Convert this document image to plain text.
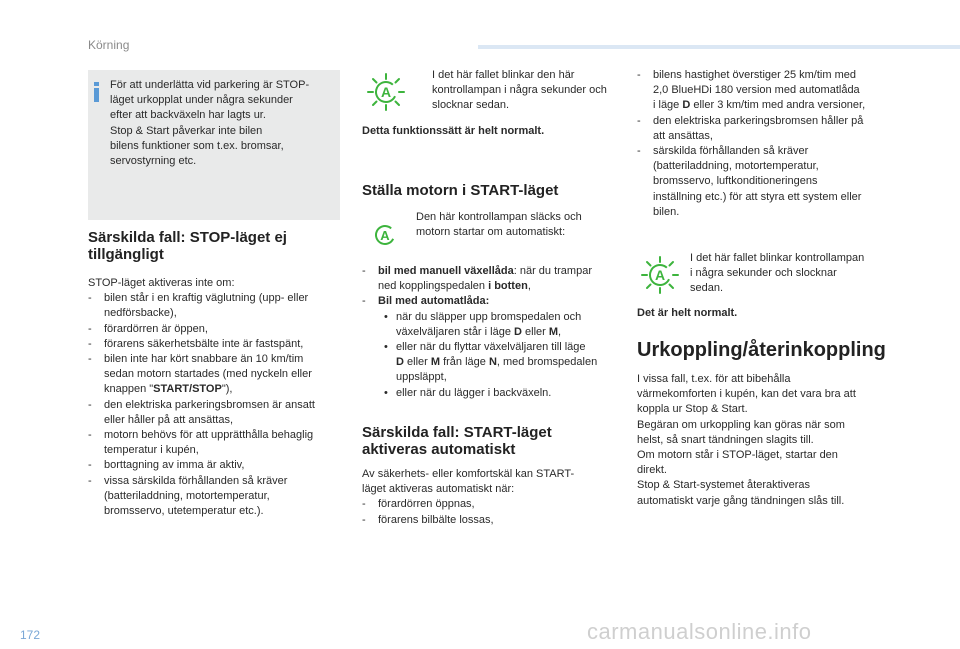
Körning
172	carmanualsonline.info
För att underlätta vid parkering är STOP-
läget urkopplat under några sekunder
efter att backväxeln har lagts ur.
Stop & Start påverkar inte bilen
bilens funktioner som t.ex. bromsar,
servostyrning etc.
Särskilda fall: STOP-läget ej
tillgängligt
STOP-läget aktiveras inte om:
- bilen står i en kraftig väglutning (upp- eller
nedförsbacke),
- förardörren är öppen,
- förarens säkerhetsbälte inte är fastspänt,
- bilen inte har kört snabbare än 10 km/tim
sedan motorn startades (med nyckeln eller
knappen "START/STOP"),
- den elektriska parkeringsbromsen är ansatt
eller håller på att ansättas,
- motorn behövs för att upprätthålla behaglig
temperatur i kupén,
- borttagning av imma är aktiv,
- vissa särskilda förhållanden så kräver
(batteriladdning, motortemperatur,
bromsservo, utetemperatur etc.).
A
I det här fallet blinkar den här
kontrollampan i några sekunder och
slocknar sedan.
Detta funktionssätt är helt normalt.
Ställa motorn i START-läget
A
Den här kontrollampan släcks och
motorn startar om automatiskt:
- bil med manuell växellåda: när du trampar
ned kopplingspedalen i botten,
- Bil med automatlåda:
• när du släpper upp bromspedalen och
växelväljaren står i läge D eller M,
• eller när du flyttar växelväljaren till läge
D eller M från läge N, med bromspedalen
uppsläppt,
• eller när du lägger i backväxeln.
Särskilda fall: START-läget
aktiveras automatiskt
Av säkerhets- eller komfortskäl kan START-
läget aktiveras automatiskt när:
- förardörren öppnas,
- förarens bilbälte lossas,
- bilens hastighet överstiger 25 km/tim med
2,0 BlueHDi 180 version med automatlåda
i läge D eller 3 km/tim med andra versioner,
- den elektriska parkeringsbromsen håller på
att ansättas,
- särskilda förhållanden så kräver
(batteriladdning, motortemperatur,
bromsservo, luftkonditioneringens
inställning etc.) för att styra ett system eller
bilen.
A
I det här fallet blinkar kontrollampan
i några sekunder och slocknar
sedan.
Det är helt normalt.
Urkoppling/återinkoppling
I vissa fall, t.ex. för att bibehålla
värmekomforten i kupén, kan det vara bra att
koppla ur Stop & Start.
Begäran om urkoppling kan göras när som
helst, så snart tändningen slagits till.
Om motorn står i STOP-läget, startar den
direkt.
Stop & Start-systemet återaktiveras
automatiskt varje gång tändningen slås till.
